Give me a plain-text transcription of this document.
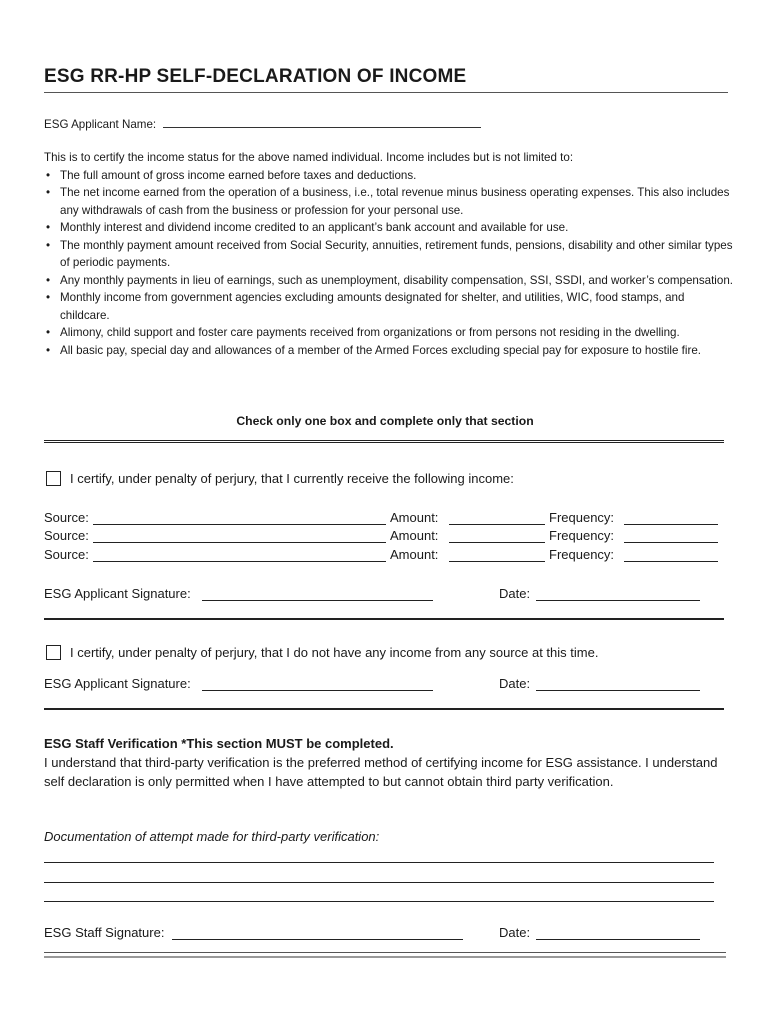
ESG RR-HP SELF-DECLARATION OF INCOME
ESG Applicant Name:
This is to certify the income status for the above named individual. Income includes but is not limited to:
• The full amount of gross income earned before taxes and deductions.
• The net income earned from the operation of a business, i.e., total revenue minus business operating expenses. This also includes any withdrawals of cash from the business or profession for your personal use.
• Monthly interest and dividend income credited to an applicant’s bank account and available for use.
• The monthly payment amount received from Social Security, annuities, retirement funds, pensions, disability and other similar types of periodic payments.
• Any monthly payments in lieu of earnings, such as unemployment, disability compensation, SSI, SSDI, and worker’s compensation.
• Monthly income from government agencies excluding amounts designated for shelter, and utilities, WIC, food stamps, and childcare.
• Alimony, child support and foster care payments received from organizations or from persons not residing in the dwelling.
• All basic pay, special day and allowances of a member of the Armed Forces excluding special pay for exposure to hostile fire.
Check only one box and complete only that section
I certify, under penalty of perjury, that I currently receive the following income:
Source:	Amount:	Frequency:
Source:	Amount:	Frequency:
Source:	Amount:	Frequency:
ESG Applicant Signature:	Date:
I certify, under penalty of perjury, that I do not have any income from any source at this time.
ESG Applicant Signature:	Date:
ESG Staff Verification *This section MUST be completed.
I understand that third-party verification is the preferred method of certifying income for ESG assistance. I understand self declaration is only permitted when I have attempted to but cannot obtain third party verification.
Documentation of attempt made for third-party verification:
ESG Staff Signature:	Date:
